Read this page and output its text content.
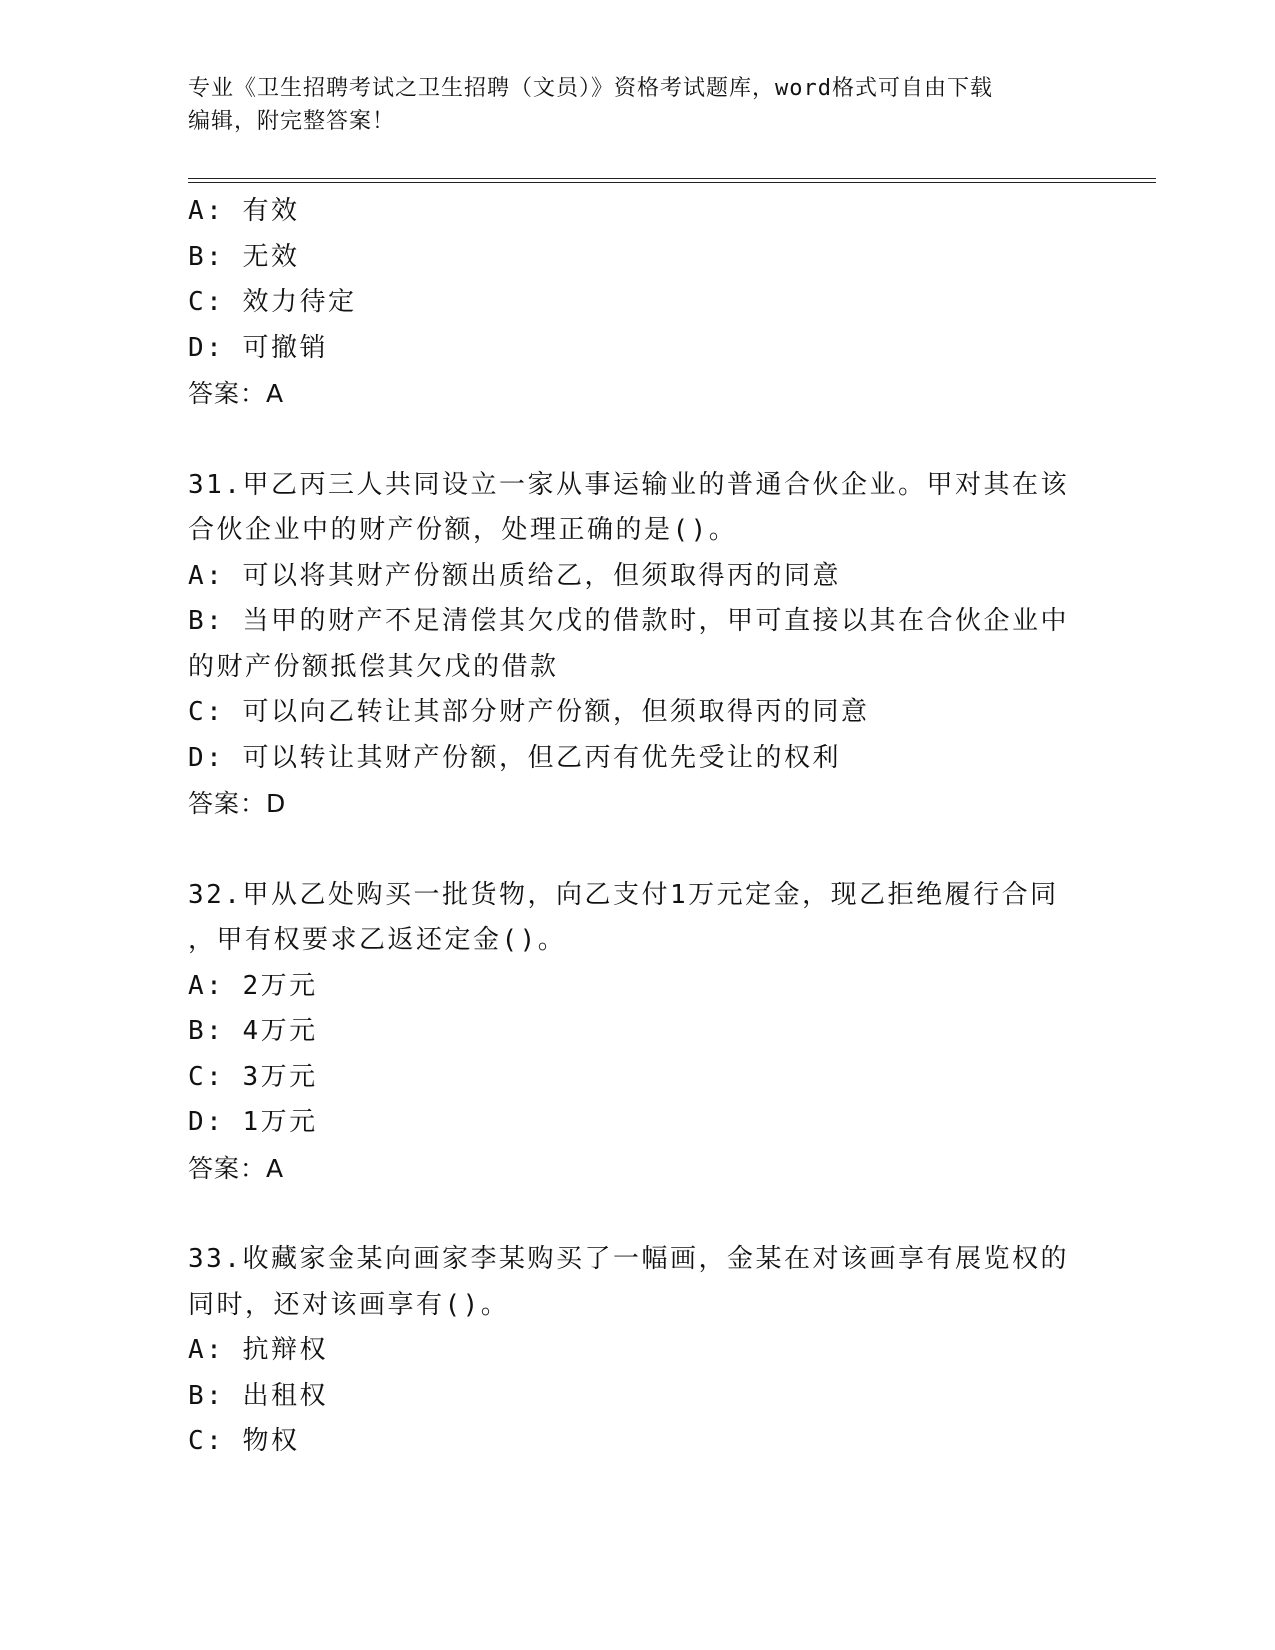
专业《卫生招聘考试之卫生招聘（文员）》资格考试题库，word格式可自由下载
编辑，附完整答案！
A: 有效
B: 无效
C: 效力待定
D: 可撤销
答案：A
31.甲乙丙三人共同设立一家从事运输业的普通合伙企业。甲对其在该
合伙企业中的财产份额，处理正确的是()。
A: 可以将其财产份额出质给乙，但须取得丙的同意
B: 当甲的财产不足清偿其欠戊的借款时，甲可直接以其在合伙企业中
的财产份额抵偿其欠戊的借款
C: 可以向乙转让其部分财产份额，但须取得丙的同意
D: 可以转让其财产份额，但乙丙有优先受让的权利
答案：D
32.甲从乙处购买一批货物，向乙支付1万元定金，现乙拒绝履行合同
，甲有权要求乙返还定金()。
A: 2万元
B: 4万元
C: 3万元
D: 1万元
答案：A
33.收藏家金某向画家李某购买了一幅画，金某在对该画享有展览权的
同时，还对该画享有()。
A: 抗辩权
B: 出租权
C: 物权
